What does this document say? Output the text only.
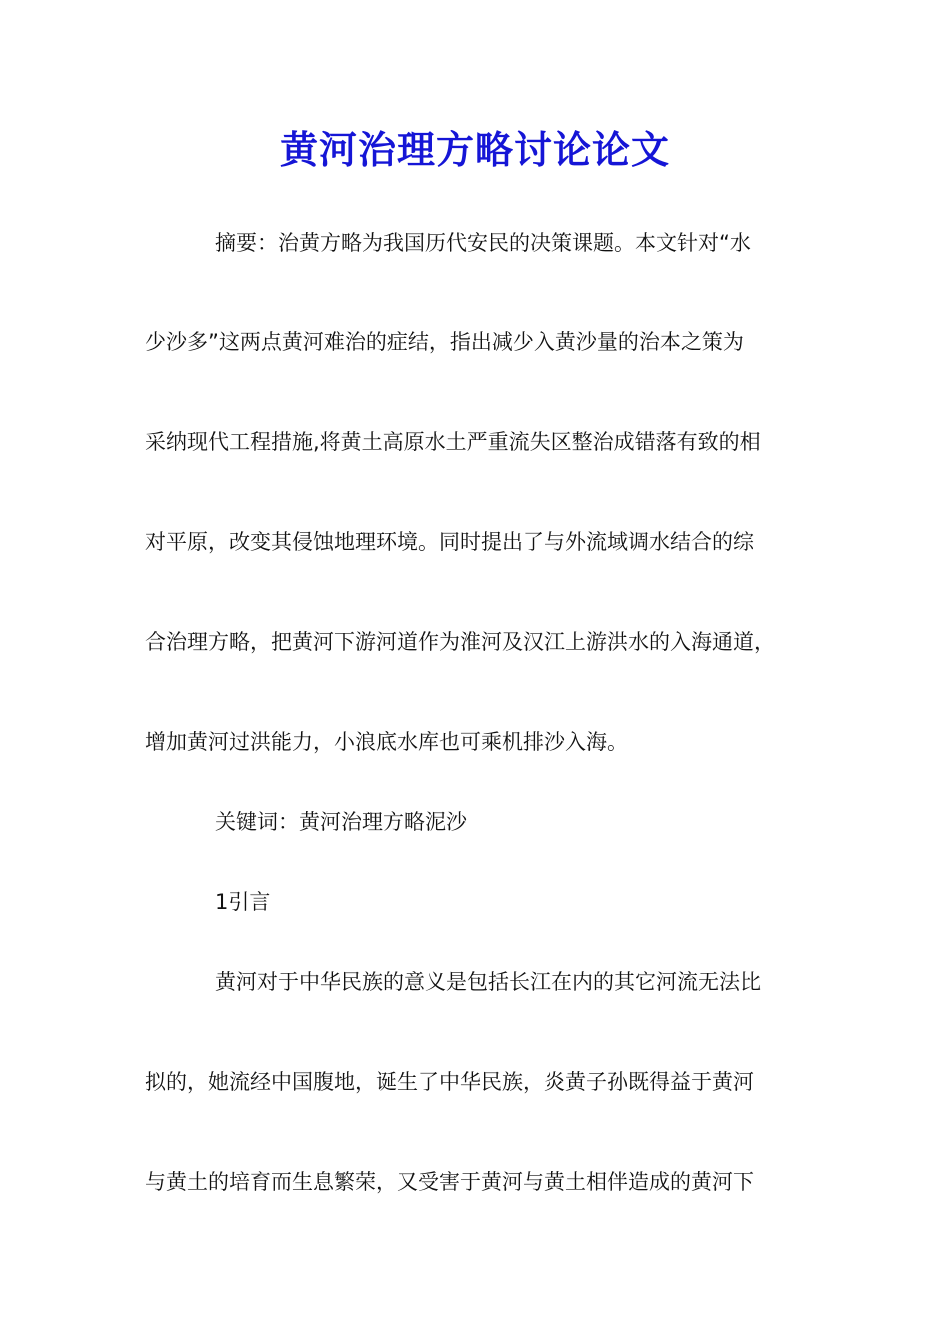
黄河治理方略讨论论文
摘要：治黄方略为我国历代安民的决策课题。本文针对“水
少沙多”这两点黄河难治的症结，指出减少入黄沙量的治本之策为
采纳现代工程措施,将黄土高原水土严重流失区整治成错落有致的相
对平原，改变其侵蚀地理环境。同时提出了与外流域调水结合的综
合治理方略，把黄河下游河道作为淮河及汉江上游洪水的入海通道，
增加黄河过洪能力，小浪底水库也可乘机排沙入海。
关键词：黄河治理方略泥沙
1引言
黄河对于中华民族的意义是包括长江在内的其它河流无法比
拟的，她流经中国腹地，诞生了中华民族，炎黄子孙既得益于黄河
与黄土的培育而生息繁荣，又受害于黄河与黄土相伴造成的黄河下
